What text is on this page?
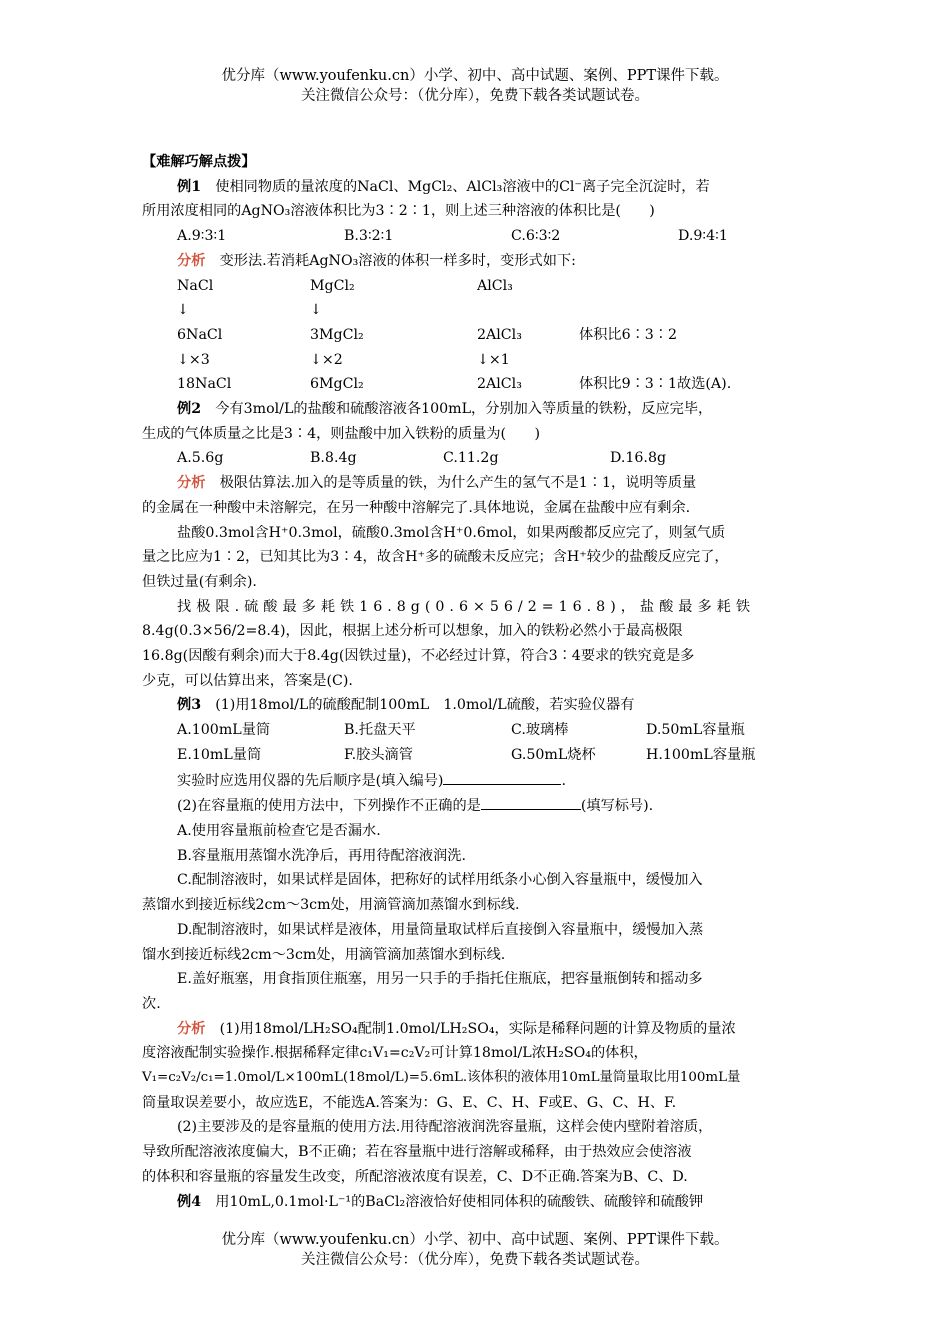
优分库（www.youfenku.cn）小学、初中、高中试题、案例、PPT课件下载。
关注微信公众号：（优分库），免费下载各类试题试卷。

【难解巧解点拨】

例1　使相同物质的量浓度的NaCl、MgCl₂、AlCl₃溶液中的Cl⁻离子完全沉淀时，若

所用浓度相同的AgNO₃溶液体积比为3∶2∶1，则上述三种溶液的体积比是(　　)

A.9∶3∶1	B.3∶2∶1	C.6∶3∶2	D.9∶4∶1

分析　变形法.若消耗AgNO₃溶液的体积一样多时，变形式如下:

NaCl	MgCl₂	AlCl₃
↓	↓
6NaCl	3MgCl₂	2AlCl₃	体积比6∶3∶2
↓×3	↓×2	↓×1
18NaCl	6MgCl₂	2AlCl₃	体积比9∶3∶1故选(A).

例2　今有3mol/L的盐酸和硫酸溶液各100mL，分别加入等质量的铁粉，反应完毕，

生成的气体质量之比是3∶4，则盐酸中加入铁粉的质量为(　　)

A.5.6g	B.8.4g	C.11.2g	D.16.8g

分析　极限估算法.加入的是等质量的铁，为什么产生的氢气不是1∶1，说明等质量

的金属在一种酸中未溶解完，在另一种酸中溶解完了.具体地说，金属在盐酸中应有剩余.

盐酸0.3mol含H⁺0.3mol，硫酸0.3mol含H⁺0.6mol，如果两酸都反应完了，则氢气质

量之比应为1∶2，已知其比为3∶4，故含H⁺多的硫酸未反应完；含H⁺较少的盐酸反应完了，

但铁过量(有剩余).

找极限.硫酸最多耗铁16.8g(0.6×56/2=16.8)，盐酸最多耗铁

8.4g(0.3×56/2=8.4)，因此，根据上述分析可以想象，加入的铁粉必然小于最高极限

16.8g(因酸有剩余)而大于8.4g(因铁过量)，不必经过计算，符合3∶4要求的铁究竟是多

少克，可以估算出来，答案是(C).

例3　(1)用18mol/L的硫酸配制100mL　1.0mol/L硫酸，若实验仪器有

A.100mL量筒	B.托盘天平	C.玻璃棒	D.50mL容量瓶
E.10mL量筒	F.胶头滴管	G.50mL烧杯	H.100mL容量瓶

实验时应选用仪器的先后顺序是(填入编号)	.

(2)在容量瓶的使用方法中，下列操作不正确的是	(填写标号).

A.使用容量瓶前检查它是否漏水.

B.容量瓶用蒸馏水洗净后，再用待配溶液润洗.

C.配制溶液时，如果试样是固体，把称好的试样用纸条小心倒入容量瓶中，缓慢加入

蒸馏水到接近标线2cm～3cm处，用滴管滴加蒸馏水到标线.

D.配制溶液时，如果试样是液体，用量筒量取试样后直接倒入容量瓶中，缓慢加入蒸

馏水到接近标线2cm～3cm处，用滴管滴加蒸馏水到标线.

E.盖好瓶塞，用食指顶住瓶塞，用另一只手的手指托住瓶底，把容量瓶倒转和摇动多

次.

分析　(1)用18mol/LH₂SO₄配制1.0mol/LH₂SO₄，实际是稀释问题的计算及物质的量浓

度溶液配制实验操作.根据稀释定律c₁V₁=c₂V₂可计算18mol/L浓H₂SO₄的体积，

V₁=c₂V₂/c₁=1.0mol/L×100mL(18mol/L)=5.6mL.该体积的液体用10mL量筒量取比用100mL量

筒量取误差要小，故应选E，不能选A.答案为：G、E、C、H、F或E、G、C、H、F.

(2)主要涉及的是容量瓶的使用方法.用待配溶液润洗容量瓶，这样会使内壁附着溶质，

导致所配溶液浓度偏大，B不正确；若在容量瓶中进行溶解或稀释，由于热效应会使溶液

的体积和容量瓶的容量发生改变，所配溶液浓度有误差，C、D不正确.答案为B、C、D.

例4　用10mL,0.1mol·L⁻¹的BaCl₂溶液恰好使相同体积的硫酸铁、硫酸锌和硫酸钾

优分库（www.youfenku.cn）小学、初中、高中试题、案例、PPT课件下载。
关注微信公众号：（优分库），免费下载各类试题试卷。
